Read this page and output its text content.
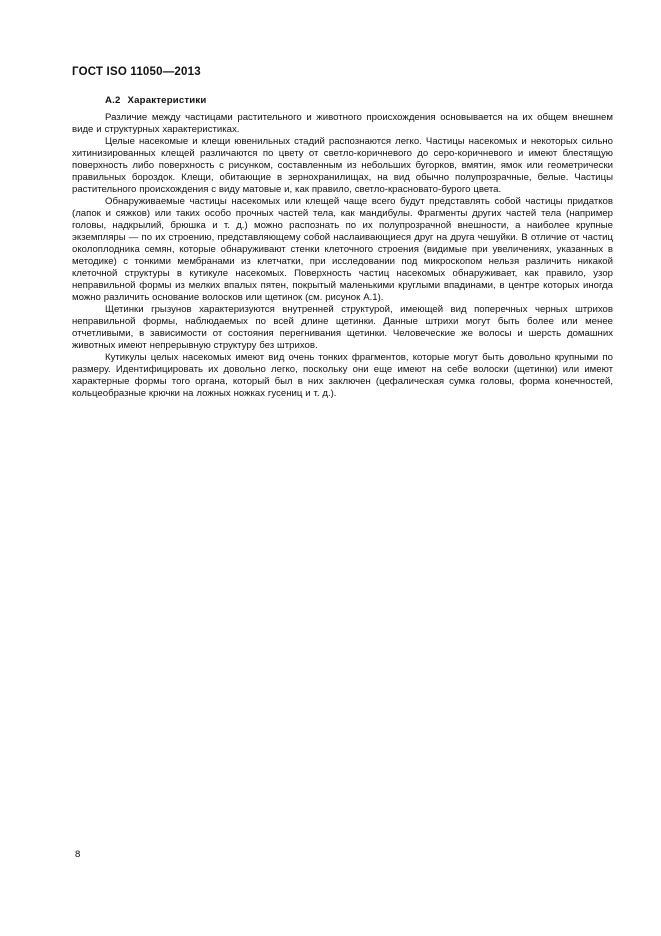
ГОСТ ISO 11050—2013
А.2 Характеристики

Различие между частицами растительного и животного происхождения основывается на их общем внешнем виде и структурных характеристиках.

Целые насекомые и клещи ювенильных стадий распознаются легко. Частицы насекомых и некоторых сильно хитинизированных клещей различаются по цвету от светло-коричневого до серо-коричневого и имеют блестящую поверхность либо поверхность с рисунком, составленным из небольших бугорков, вмятин, ямок или геометрически правильных бороздок. Клещи, обитающие в зернохранилищах, на вид обычно полупрозрачные, белые. Частицы растительного происхождения с виду матовые и, как правило, светло-красновато-бурого цвета.

Обнаруживаемые частицы насекомых или клещей чаще всего будут представлять собой частицы придатков (лапок и сяжков) или таких особо прочных частей тела, как мандибулы. Фрагменты других частей тела (например головы, надкрылий, брюшка и т. д.) можно распознать по их полупрозрачной внешности, а наиболее крупные экземпляры — по их строению, представляющему собой наслаивающиеся друг на друга чешуйки. В отличие от частиц околоплодника семян, которые обнаруживают стенки клеточного строения (видимые при увеличениях, указанных в методике) с тонкими мембранами из клетчатки, при исследовании под микроскопом нельзя различить никакой клеточной структуры в кутикуле насекомых. Поверхность частиц насекомых обнаруживает, как правило, узор неправильной формы из мелких впалых пятен, покрытый маленькими круглыми впадинами, в центре которых иногда можно различить основание волосков или щетинок (см. рисунок А.1).

Щетинки грызунов характеризуются внутренней структурой, имеющей вид поперечных черных штрихов неправильной формы, наблюдаемых по всей длине щетинки. Данные штрихи могут быть более или менее отчетливыми, в зависимости от состояния перегнивания щетинки. Человеческие же волосы и шерсть домашних животных имеют непрерывную структуру без штрихов.

Кутикулы целых насекомых имеют вид очень тонких фрагментов, которые могут быть довольно крупными по размеру. Идентифицировать их довольно легко, поскольку они еще имеют на себе волоски (щетинки) или имеют характерные формы того органа, который был в них заключен (цефалическая сумка головы, форма конечностей, кольцеобразные крючки на ложных ножках гусениц и т. д.).

8
